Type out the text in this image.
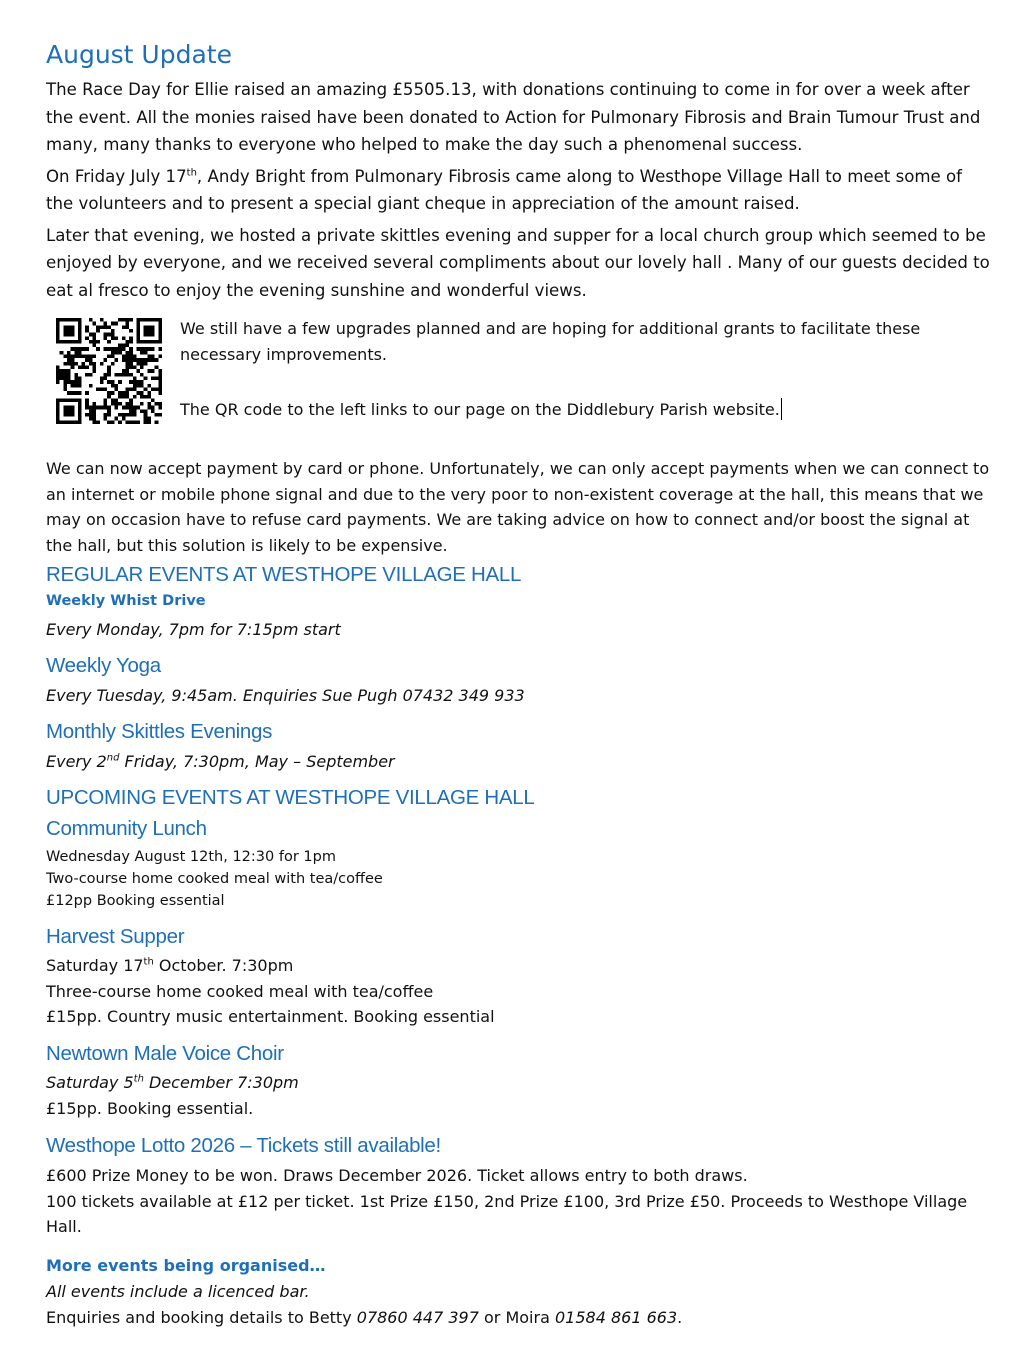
August Update

The Race Day for Ellie raised an amazing £5505.13, with donations continuing to come in for over a week after the event. All the monies raised have been donated to Action for Pulmonary Fibrosis and Brain Tumour Trust and many, many thanks to everyone who helped to make the day such a phenomenal success.

On Friday July 17th, Andy Bright from Pulmonary Fibrosis came along to Westhope Village Hall to meet some of the volunteers and to present a special giant cheque in appreciation of the amount raised.

Later that evening, we hosted a private skittles evening and supper for a local church group which seemed to be enjoyed by everyone, and we received several compliments about our lovely hall . Many of our guests decided to eat al fresco to enjoy the evening sunshine and wonderful views.

We still have a few upgrades planned and are hoping for additional grants to facilitate these necessary improvements.

The QR code to the left links to our page on the Diddlebury Parish website.

We can now accept payment by card or phone. Unfortunately, we can only accept payments when we can connect to an internet or mobile phone signal and due to the very poor to non-existent coverage at the hall, this means that we may on occasion have to refuse card payments. We are taking advice on how to connect and/or boost the signal at the hall, but this solution is likely to be expensive.

REGULAR EVENTS AT WESTHOPE VILLAGE HALL

Weekly Whist Drive

Every Monday, 7pm for 7:15pm start

Weekly Yoga

Every Tuesday, 9:45am. Enquiries Sue Pugh 07432 349 933

Monthly Skittles Evenings

Every 2nd Friday, 7:30pm, May – September

UPCOMING EVENTS AT WESTHOPE VILLAGE HALL

Community Lunch

Wednesday August 12th, 12:30 for 1pm

Two-course home cooked meal with tea/coffee

£12pp Booking essential

Harvest Supper

Saturday 17th October. 7:30pm

Three-course home cooked meal with tea/coffee

£15pp. Country music entertainment. Booking essential

Newtown Male Voice Choir

Saturday 5th December 7:30pm

£15pp. Booking essential.

Westhope Lotto 2026 – Tickets still available!

£600 Prize Money to be won. Draws December 2026. Ticket allows entry to both draws.

100 tickets available at £12 per ticket. 1st Prize £150, 2nd Prize £100, 3rd Prize £50. Proceeds to Westhope Village Hall.

More events being organised…

All events include a licenced bar.

Enquiries and booking details to Betty 07860 447 397 or Moira 01584 861 663.
